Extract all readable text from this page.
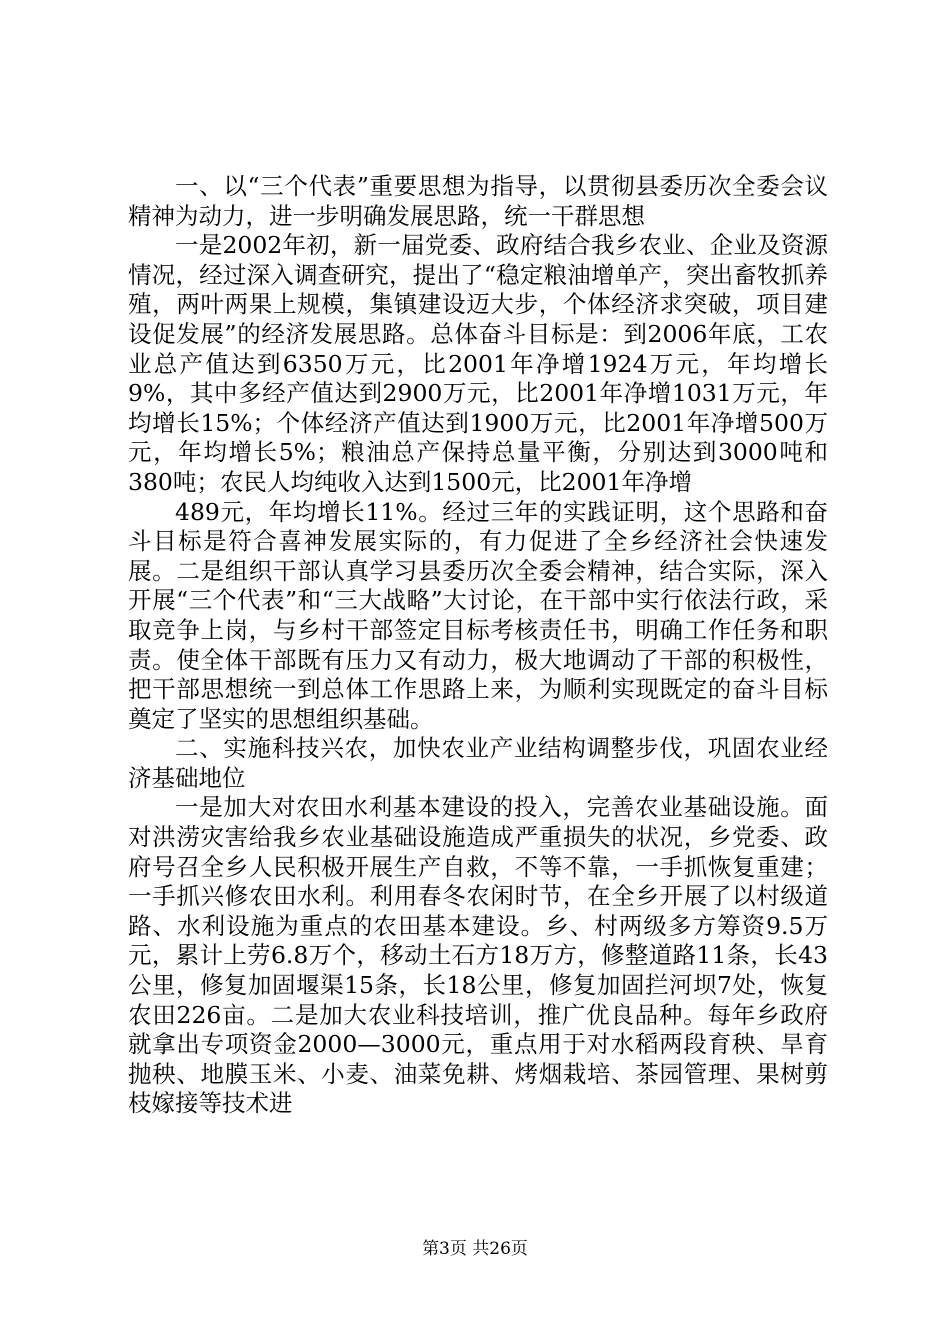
一、以“三个代表”重要思想为指导，以贯彻县委历次全委会议精神为动力，进一步明确发展思路，统一干群思想

一是2002年初，新一届党委、政府结合我乡农业、企业及资源情况，经过深入调查研究，提出了“稳定粮油增单产，突出畜牧抓养殖，两叶两果上规模，集镇建设迈大步，个体经济求突破，项目建设促发展”的经济发展思路。总体奋斗目标是：到2006年底，工农业总产值达到6350万元，比2001年净增1924万元，年均增长9%，其中多经产值达到2900万元，比2001年净增1031万元，年均增长15%；个体经济产值达到1900万元，比2001年净增500万元，年均增长5%；粮油总产保持总量平衡，分别达到3000吨和380吨；农民人均纯收入达到1500元，比2001年净增

489元，年均增长11%。经过三年的实践证明，这个思路和奋斗目标是符合喜神发展实际的，有力促进了全乡经济社会快速发展。二是组织干部认真学习县委历次全委会精神，结合实际，深入开展“三个代表”和“三大战略”大讨论，在干部中实行依法行政，采取竞争上岗，与乡村干部签定目标考核责任书，明确工作任务和职责。使全体干部既有压力又有动力，极大地调动了干部的积极性，把干部思想统一到总体工作思路上来，为顺利实现既定的奋斗目标奠定了坚实的思想组织基础。

二、实施科技兴农，加快农业产业结构调整步伐，巩固农业经济基础地位

一是加大对农田水利基本建设的投入，完善农业基础设施。面对洪涝灾害给我乡农业基础设施造成严重损失的状况，乡党委、政府号召全乡人民积极开展生产自救，不等不靠，一手抓恢复重建；一手抓兴修农田水利。利用春冬农闲时节，在全乡开展了以村级道路、水利设施为重点的农田基本建设。乡、村两级多方筹资9.5万元，累计上劳6.8万个，移动土石方18万方，修整道路11条，长43公里，修复加固堰渠15条，长18公里，修复加固拦河坝7处，恢复农田226亩。二是加大农业科技培训，推广优良品种。每年乡政府就拿出专项资金2000—3000元，重点用于对水稻两段育秧、旱育抛秧、地膜玉米、小麦、油菜免耕、烤烟栽培、茶园管理、果树剪枝嫁接等技术进

第3页 共26页
